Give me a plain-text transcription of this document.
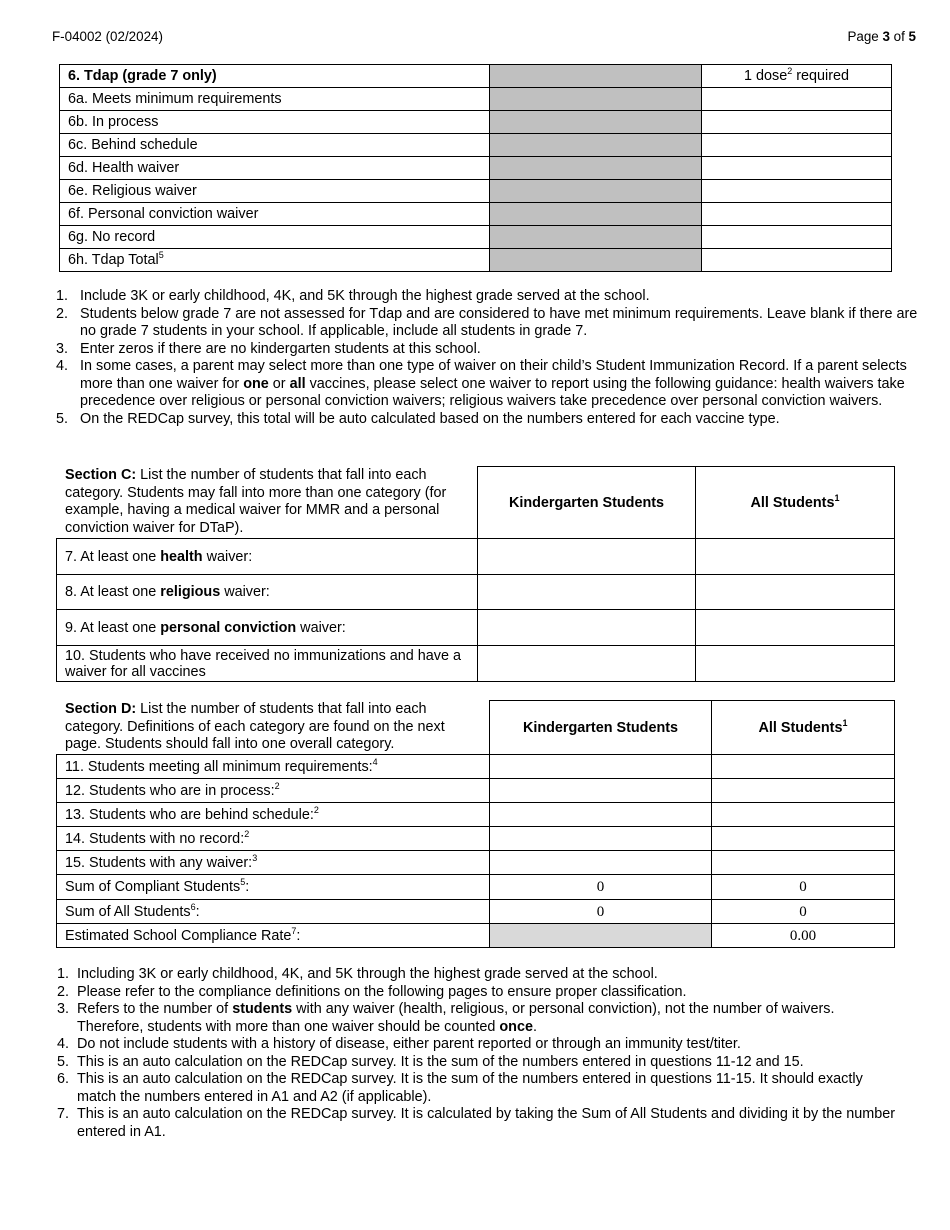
F-04002 (02/2024)	Page 3 of 5
6. Tdap (grade 7 only)		1 dose$^2$ required
6a. Meets minimum requirements		
6b. In process		
6c. Behind schedule		
6d. Health waiver		
6e. Religious waiver		
6f. Personal conviction waiver		
6g. No record		
6h. Tdap Total$^5$		
1. Include 3K or early childhood, 4K, and 5K through the highest grade served at the school.
2. Students below grade 7 are not assessed for Tdap and are considered to have met minimum requirements. Leave blank if there are no grade 7 students in your school. If applicable, include all students in grade 7.
3. Enter zeros if there are no kindergarten students at this school.
4. In some cases, a parent may select more than one type of waiver on their child’s Student Immunization Record. If a parent selects more than one waiver for one or all vaccines, please select one waiver to report using the following guidance: health waivers take precedence over religious or personal conviction waivers; religious waivers take precedence over personal conviction waivers.
5. On the REDCap survey, this total will be auto calculated based on the numbers entered for each vaccine type.
Section C: List the number of students that fall into each category. Students may fall into more than one category (for example, having a medical waiver for MMR and a personal conviction waiver for DTaP).
	Kindergarten Students	All Students$^1$
7. At least one health waiver:		
8. At least one religious waiver:		
9. At least one personal conviction waiver:		
10. Students who have received no immunizations and have a waiver for all vaccines		
Section D: List the number of students that fall into each category. Definitions of each category are found on the next page. Students should fall into one overall category.
	Kindergarten Students	All Students$^1$
11. Students meeting all minimum requirements:$^4$		
12. Students who are in process:$^2$		
13. Students who are behind schedule:$^2$		
14. Students with no record:$^2$		
15. Students with any waiver:$^3$		
Sum of Compliant Students$^5$:	0	0
Sum of All Students$^6$:	0	0
Estimated School Compliance Rate$^7$:		0.00
1. Including 3K or early childhood, 4K, and 5K through the highest grade served at the school.
2. Please refer to the compliance definitions on the following pages to ensure proper classification.
3. Refers to the number of students with any waiver (health, religious, or personal conviction), not the number of waivers. Therefore, students with more than one waiver should be counted once.
4. Do not include students with a history of disease, either parent reported or through an immunity test/titer.
5. This is an auto calculation on the REDCap survey. It is the sum of the numbers entered in questions 11-12 and 15.
6. This is an auto calculation on the REDCap survey. It is the sum of the numbers entered in questions 11-15. It should exactly match the numbers entered in A1 and A2 (if applicable).
7. This is an auto calculation on the REDCap survey. It is calculated by taking the Sum of All Students and dividing it by the number entered in A1.
